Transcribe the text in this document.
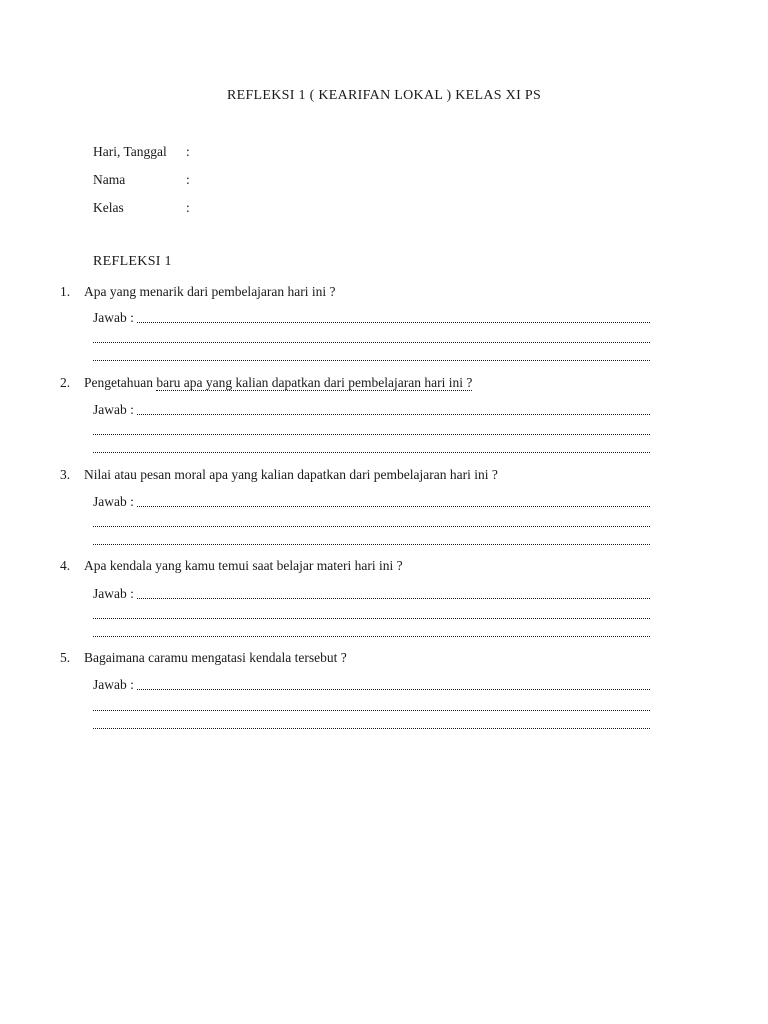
REFLEKSI 1 ( KEARIFAN LOKAL ) KELAS XI PS
Hari, Tanggal :
Nama	:
Kelas	:
REFLEKSI 1
1. Apa yang menarik dari pembelajaran hari ini ?
Jawab :
2. Pengetahuan baru apa yang kalian dapatkan dari pembelajaran hari ini ?
Jawab :
3. Nilai atau pesan moral apa yang kalian dapatkan dari pembelajaran hari ini ?
Jawab :
4. Apa kendala yang kamu temui saat belajar materi hari ini ?
Jawab :
5. Bagaimana caramu mengatasi kendala tersebut ?
Jawab :
